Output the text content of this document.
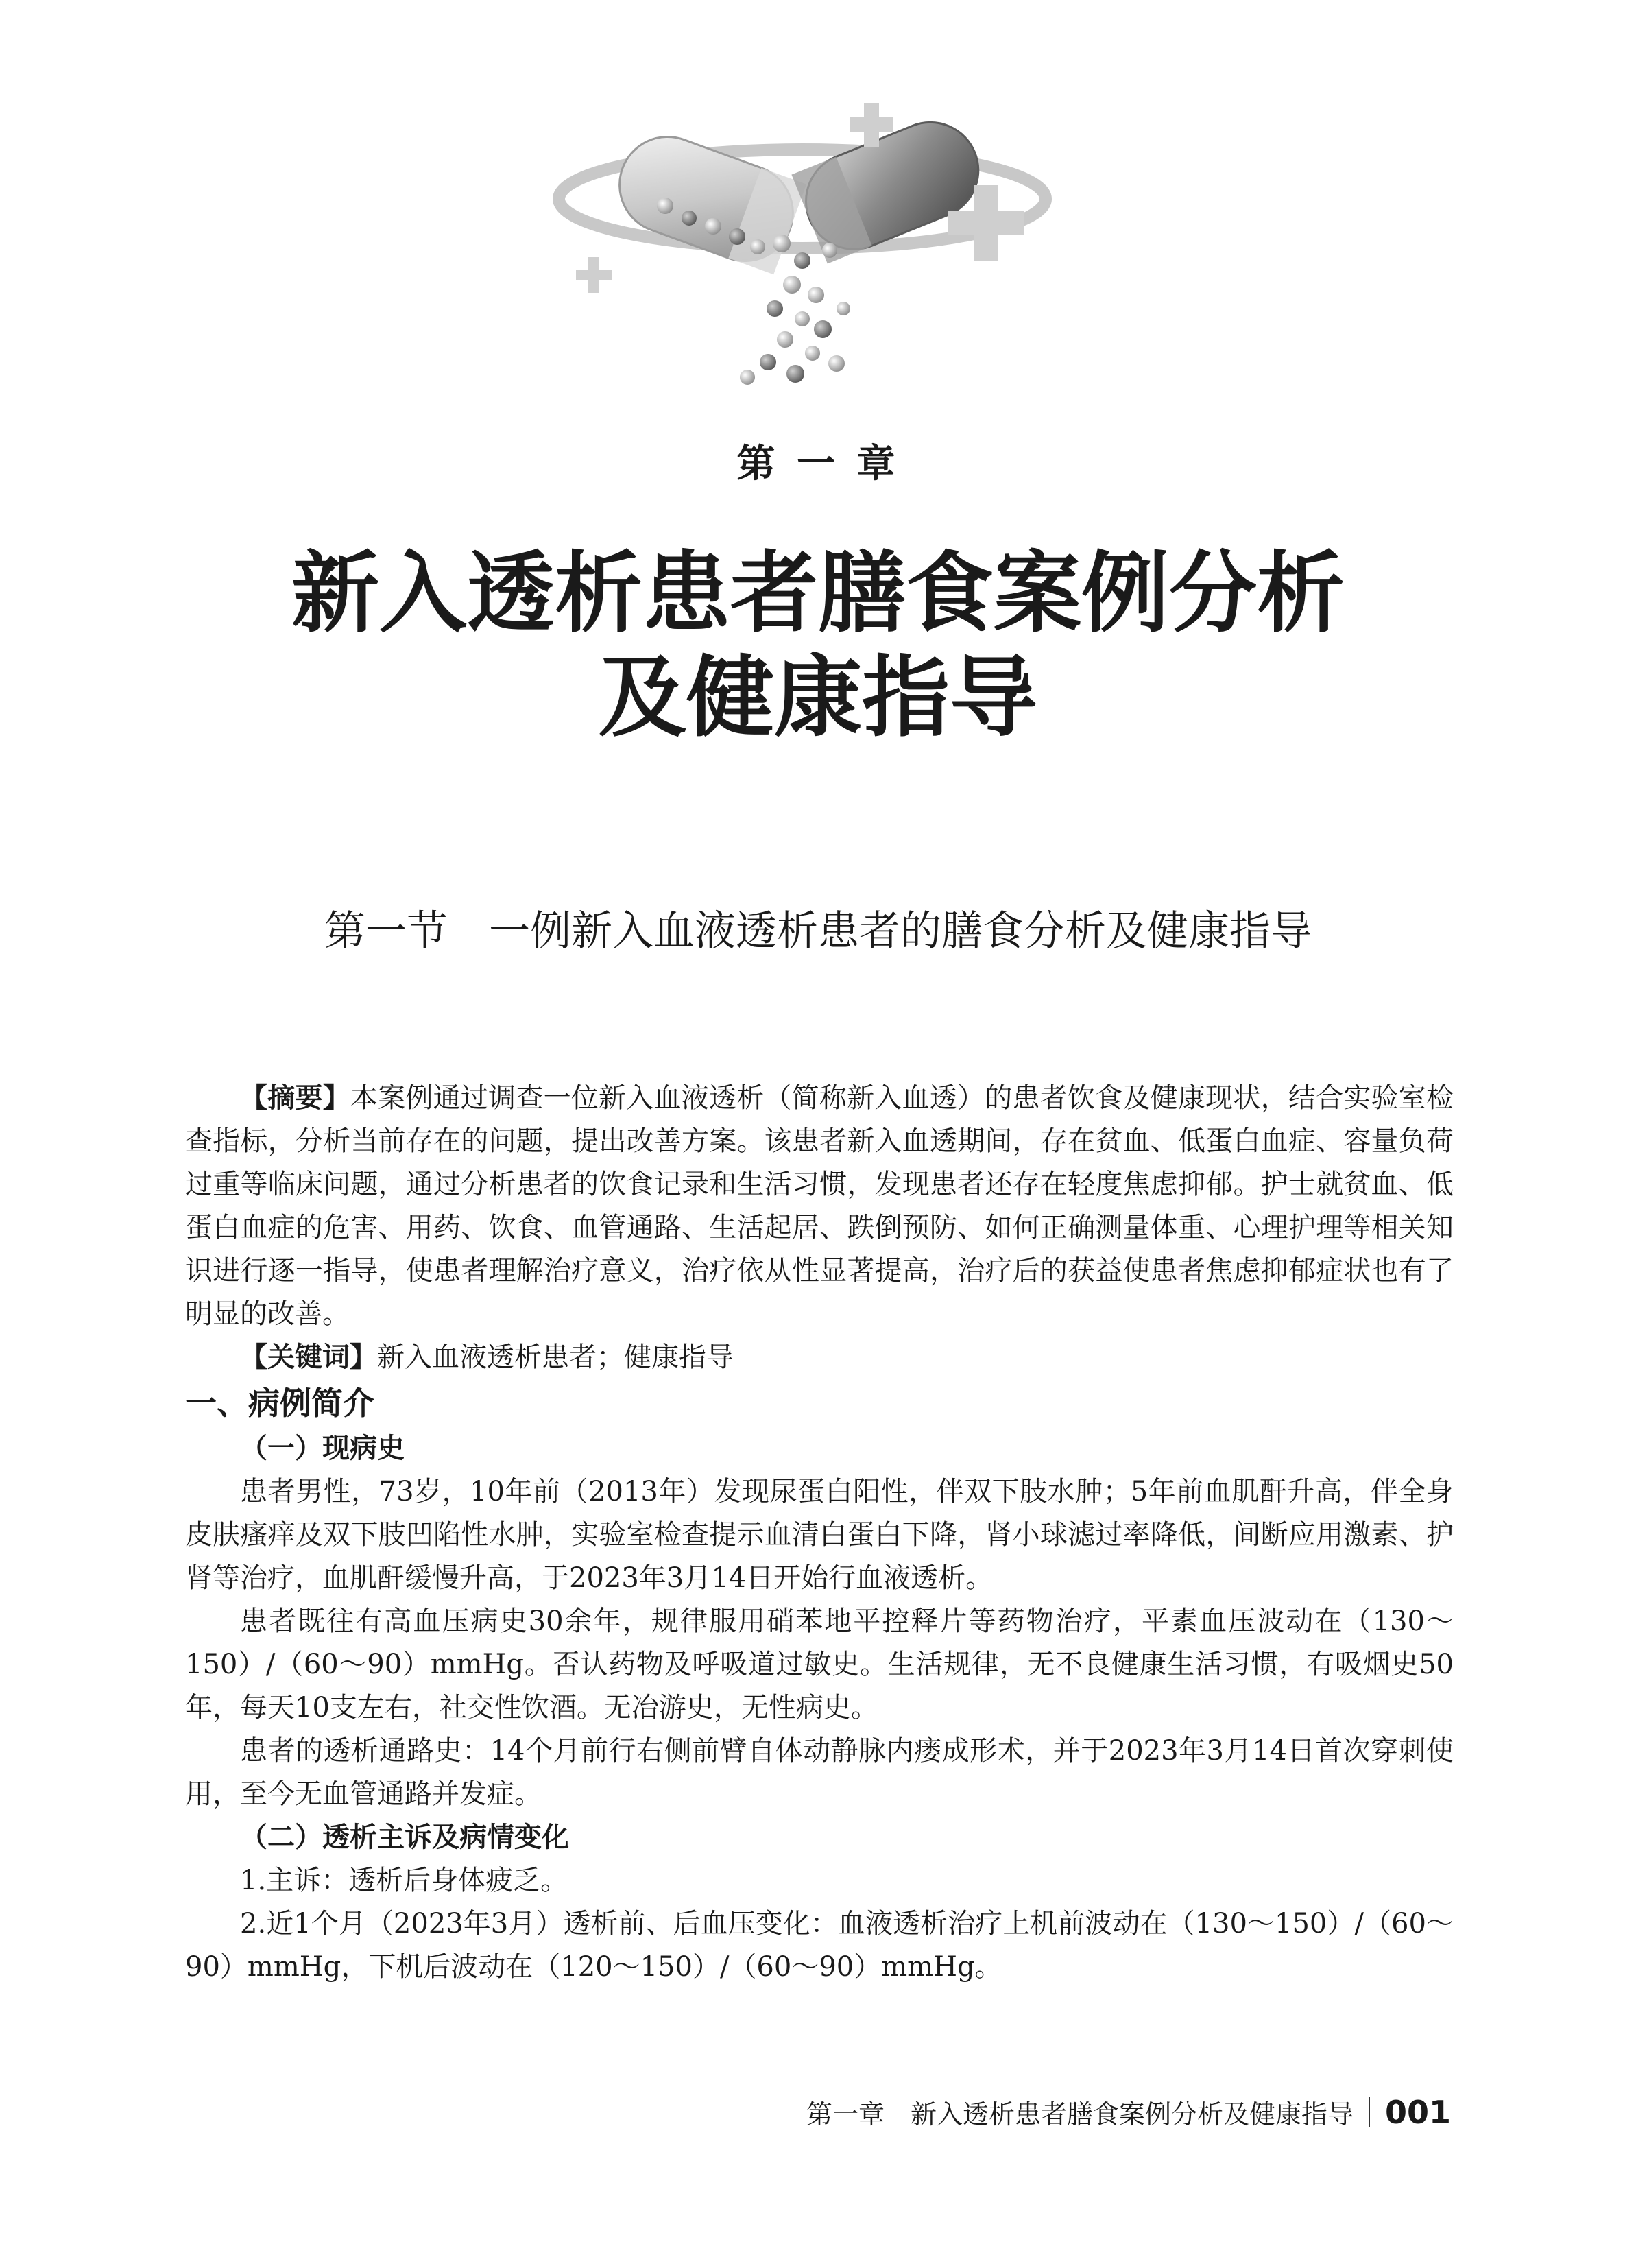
第 一 章
新入透析患者膳食案例分析
及健康指导
第一节　一例新入血液透析患者的膳食分析及健康指导

【摘要】本案例通过调查一位新入血液透析（简称新入血透）的患者饮食及健康现状，结合实验室检查指标，分析当前存在的问题，提出改善方案。该患者新入血透期间，存在贫血、低蛋白血症、容量负荷过重等临床问题，通过分析患者的饮食记录和生活习惯，发现患者还存在轻度焦虑抑郁。护士就贫血、低蛋白血症的危害、用药、饮食、血管通路、生活起居、跌倒预防、如何正确测量体重、心理护理等相关知识进行逐一指导，使患者理解治疗意义，治疗依从性显著提高，治疗后的获益使患者焦虑抑郁症状也有了明显的改善。

【关键词】新入血液透析患者；健康指导

一、病例简介

（一）现病史

患者男性，73岁，10年前（2013年）发现尿蛋白阳性，伴双下肢水肿；5年前血肌酐升高，伴全身皮肤瘙痒及双下肢凹陷性水肿，实验室检查提示血清白蛋白下降，肾小球滤过率降低，间断应用激素、护肾等治疗，血肌酐缓慢升高，于2023年3月14日开始行血液透析。

患者既往有高血压病史30余年，规律服用硝苯地平控释片等药物治疗，平素血压波动在（130～150）/（60～90）mmHg。否认药物及呼吸道过敏史。生活规律，无不良健康生活习惯，有吸烟史50年，每天10支左右，社交性饮酒。无冶游史，无性病史。

患者的透析通路史：14个月前行右侧前臂自体动静脉内瘘成形术，并于2023年3月14日首次穿刺使用，至今无血管通路并发症。

（二）透析主诉及病情变化

1.主诉：透析后身体疲乏。

2.近1个月（2023年3月）透析前、后血压变化：血液透析治疗上机前波动在（130～150）/（60～90）mmHg，下机后波动在（120～150）/（60～90）mmHg。

第一章　新入透析患者膳食案例分析及健康指导 001
